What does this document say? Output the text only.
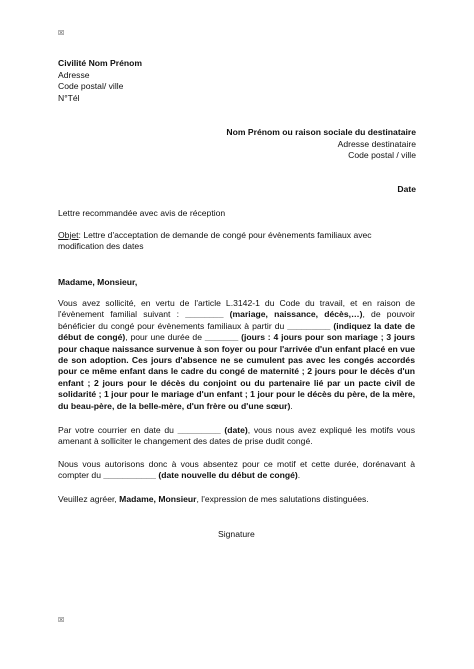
☒
Civilité Nom Prénom
Adresse
Code postal/ ville
N°Tél
Nom Prénom ou raison sociale du destinataire
Adresse destinataire
Code postal / ville
Date
Lettre recommandée avec avis de réception
Objet: Lettre d'acceptation de demande de congé pour évènements familiaux avec
modification des dates
Madame, Monsieur,
Vous avez sollicité, en vertu de l'article L.3142-1 du Code du travail, et en raison de l'évènement familial suivant : ________ (mariage, naissance, décès,…), de pouvoir bénéficier du congé pour évènements familiaux à partir du _________ (indiquez la date de début de congé), pour une durée de _______ (jours : 4 jours pour son mariage ; 3 jours pour chaque naissance survenue à son foyer ou pour l'arrivée d'un enfant placé en vue de son adoption. Ces jours d'absence ne se cumulent pas avec les congés accordés pour ce même enfant dans le cadre du congé de maternité ; 2 jours pour le décès d'un enfant ; 2 jours pour le décès du conjoint ou du partenaire lié par un pacte civil de solidarité ; 1 jour pour le mariage d'un enfant ; 1 jour pour le décès du père, de la mère, du beau-père, de la belle-mère, d'un frère ou d'une sœur).
Par votre courrier en date du _________ (date), vous nous avez expliqué les motifs vous amenant à solliciter le changement des dates de prise dudit congé.
Nous vous autorisons donc à vous absentez pour ce motif et cette durée, dorénavant à compter du ___________ (date nouvelle du début de congé).
Veuillez agréer, Madame, Monsieur, l'expression de mes salutations distinguées.
Signature
☒
